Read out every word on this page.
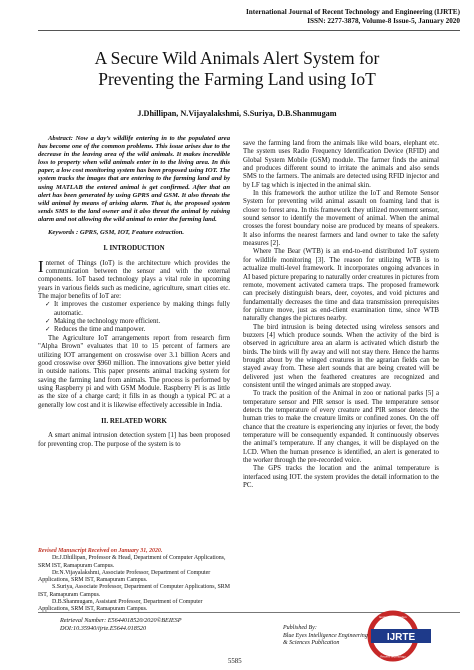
International Journal of Recent Technology and Engineering (IJRTE)
ISSN: 2277-3878, Volume-8 Issue-5, January 2020
A Secure Wild Animals Alert System for
Preventing the Farming Land using IoT
J.Dhillipan, N.Vijayalakshmi, S.Suriya, D.B.Shanmugam

Abstract: Now a day’s wildlife entering in to the populated area has become one of the common problems. This issue arises due to the decrease in the leaving area of the wild animals. It makes incredible loss to property when wild animals enter in to the living area. In this paper, a low cost monitoring system has been proposed using IOT. The system tracks the images that are entering to the farming land and by using MATLAB the entered animal is get confirmed. After that an alert has been generated by using GPRS and GSM. It also threats the wild animal by means of arising alarm. That is, the proposed system sends SMS to the land owner and it also threat the animal by raising alarm and not allowing the wild animal to enter the farming land.

Keywords : GPRS, GSM, IOT, Feature extraction.

I. INTRODUCTION

Internet of Things (IoT) is the architecture which provides the communication between the sensor and with the external components. IoT based technology plays a vital role in upcoming years in various fields such as medicine, agriculture, smart cities etc. The major benefits of IoT are:

✓ It improves the customer experience by making things fully automatic.
✓ Making the technology more efficient.
✓ Reduces the time and manpower.

The Agriculture IoT arrangements report from research firm "Alpha Brown" evaluates that 10 to 15 percent of farmers are utilizing IOT arrangement on crosswise over 3.1 billion Acers and good crosswise over $960 million. The innovations give better yield in outside nations. This paper presents animal tracking system for saving the farming land from animals. The process is performed by using Raspberry pi and with GSM Module. Raspberry Pi is as little as the size of a charge card; it fills in as though a typical PC at a generally low cost and it is likewise effectively accessible in India.

II. RELATED WORK

A smart animal intrusion detection system [1] has been proposed for preventing crop. The purpose of the system is to

Revised Manuscript Received on January 31, 2020.

Dr.J.Dhillipan, Professor & Head, Department of Computer Applications, SRM IST, Ramapuram Campus.

Dr.N.Vijayalakshmi, Associate Professor, Department of Computer Applications, SRM IST, Ramapuram Campus.

S.Suriya, Associate Professor, Department of Computer Applications, SRM IST, Ramapuram Campus.

D.B.Shanmugam, Assistant Professor, Department of Computer Applications, SRM IST, Ramapuram Campus.

save the farming land from the animals like wild boars, elephant etc. The system uses Radio Frequency Identification Device (RFID) and Global System Mobile (GSM) module. The farmer finds the animal and produces different sound to irritate the animals and also sends SMS to the farmers. The animals are detected using RFID injector and by LF tag which is injected in the animal skin.

In this framework the author utilize the IoT and Remote Sensor System for preventing wild animal assault on foaming land that is closer to forest area. In this framework they utilized movement sensor, sound sensor to identify the movement of animal. When the animal crosses the forest boundary noise are produced by means of speakers. It also informs the nearest farmers and land owner to take the safety measures [2].

Where The Bear (WTB) is an end-to-end distributed IoT system for wildlife monitoring [3]. The reason for utilizing WTB is to actualize multi-level framework. It incorporates ongoing advances in AI based picture preparing to naturally order creatures in pictures from remote, movement activated camera traps. The proposed framework can precisely distinguish bears, deer, coyotes, and void pictures and fundamentally decreases the time and data transmission prerequisites for picture move, just as end-client examination time, since WTB naturally changes the pictures nearby.

The bird intrusion is being detected using wireless sensors and buzzers [4] which produce sounds. When the activity of the bird is observed in agriculture area an alarm is activated which disturb the birds. The birds will fly away and will not stay there. Hence the harms brought about by the winged creatures in the agrarian fields can be stayed away from. These alert sounds that are being created will be delivered just when the feathered creatures are recognized and consistent until the winged animals are stopped away.

To track the position of the Animal in zoo or national parks [5] a temperature sensor and PIR sensor is used. The temperature sensor detects the temperature of every creature and PIR sensor detects the human tries to make the creature limits or confined zones. On the off chance that the creature is experiencing any injuries or fever, the body temperature will be consequently expanded. It continuously observes the animal’s temperature. If any changes, it will be displayed on the LCD. When the human presence is identified, an alert is generated to the worker through the pre-recorded voice.

The GPS tracks the location and the animal temperature is interfaced using IOT. the system provides the detail information to the PC.

Retrieval Number: E5644018520/2020©BEIESP
DOI:10.35940/ijrte.E5644.018520
5585
Published By:
Blue Eyes Intelligence Engineering
& Sciences Publication	IJRTE
Exploring Innovation
Recent Technology
